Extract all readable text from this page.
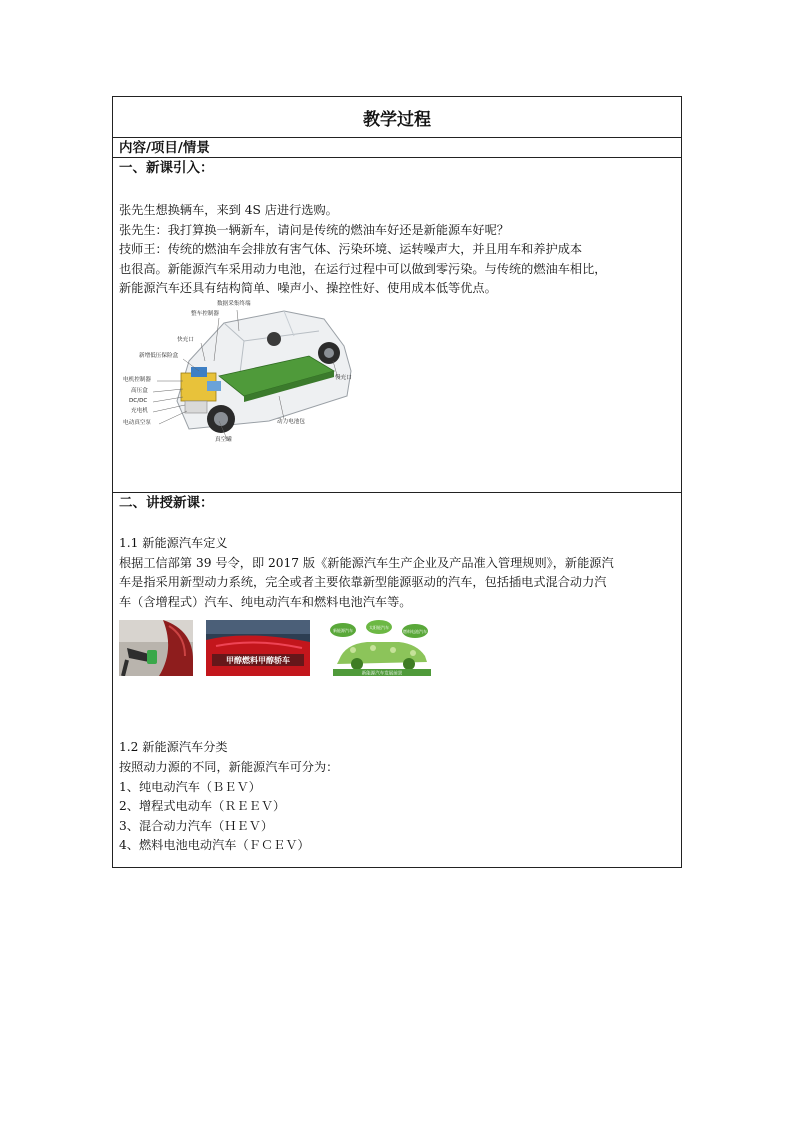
教学过程
内容/项目/情景
一、新课引入：

张先生想换辆车，来到 4S 店进行选购。

张先生：我打算换一辆新车，请问是传统的燃油车好还是新能源车好呢？

技师王：传统的燃油车会排放有害气体、污染环境、运转噪声大，并且用车和养护成本

也很高。新能源汽车采用动力电池，在运行过程中可以做到零污染。与传统的燃油车相比，

新能源汽车还具有结构简单、噪声小、操控性好、使用成本低等优点。

数据采集终端
整车控制器
快充口
新增低压保险盒
电机控制器
高压盒
DC/DC
充电机
电动真空泵
真空罐
动力电池包
慢充口
二、讲授新课：

1.1 新能源汽车定义

根据工信部第 39 号令，即 2017 版《新能源汽车生产企业及产品准入管理规则》，新能源汽

车是指采用新型动力系统，完全或者主要依靠新型能源驱动的汽车，包括插电式混合动力汽

车（含增程式）汽车、纯电动汽车和燃料电池汽车等。

甲醇燃料甲醇轿车
新能源汽车
太阳能汽车
燃料电池汽车
新能源汽车发展前景

1.2 新能源汽车分类

按照动力源的不同，新能源汽车可分为：

1、纯电动汽车（ＢＥＶ）

2、增程式电动车（ＲＥＥＶ）

3、混合动力汽车（ＨＥＶ）

4、燃料电池电动汽车（ＦＣＥＶ）
